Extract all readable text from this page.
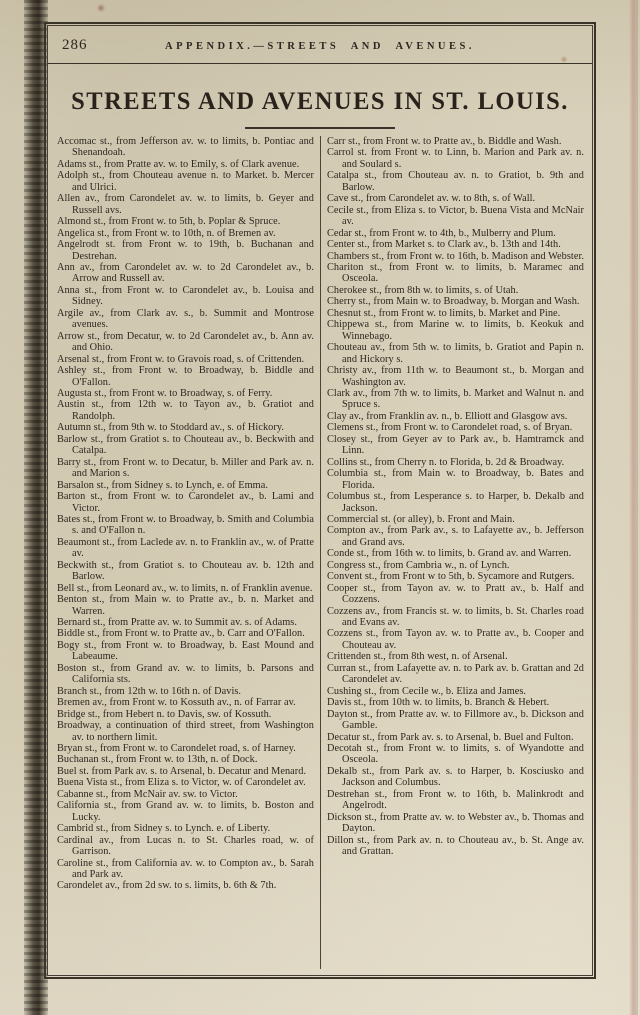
286	APPENDIX.—STREETS AND AVENUES.
STREETS AND AVENUES IN ST. LOUIS.

Accomac st., from Jefferson av. w. to limits, b. Pontiac and Shenandoah.

Adams st., from Pratte av. w. to Emily, s. of Clark avenue.

Adolph st., from Chouteau avenue n. to Market. b. Mercer and Ulrici.

Allen av., from Carondelet av. w. to limits, b. Geyer and Russell avs.

Almond st., from Front w. to 5th, b. Poplar & Spruce.

Angelica st., from Front w. to 10th, n. of Bremen av.

Angelrodt st. from Front w. to 19th, b. Buchanan and Destrehan.

Ann av., from Carondelet av. w. to 2d Carondelet av., b. Arrow and Russell av.

Anna st., from Front w. to Carondelet av., b. Louisa and Sidney.

Argile av., from Clark av. s., b. Summit and Montrose avenues.

Arrow st., from Decatur, w. to 2d Carondelet av., b. Ann av. and Ohio.

Arsenal st., from Front w. to Gravois road, s. of Crittenden.

Ashley st., from Front w. to Broadway, b. Biddle and O'Fallon.

Augusta st., from Front w. to Broadway, s. of Ferry.

Austin st., from 12th w. to Tayon av., b. Gratiot and Randolph.

Autumn st., from 9th w. to Stoddard av., s. of Hickory.

Barlow st., from Gratiot s. to Chouteau av., b. Beckwith and Catalpa.

Barry st., from Front w. to Decatur, b. Miller and Park av. n. and Marion s.

Barsalon st., from Sidney s. to Lynch, e. of Emma.

Barton st., from Front w. to Carondelet av., b. Lami and Victor.

Bates st., from Front w. to Broadway, b. Smith and Columbia s. and O'Fallon n.

Beaumont st., from Laclede av. n. to Franklin av., w. of Pratte av.

Beckwith st., from Gratiot s. to Chouteau av. b. 12th and Barlow.

Bell st., from Leonard av., w. to limits, n. of Franklin avenue.

Benton st., from Main w. to Pratte av., b. n. Market and Warren.

Bernard st., from Pratte av. w. to Summit av. s. of Adams.

Biddle st., from Front w. to Pratte av., b. Carr and O'Fallon.

Bogy st., from Front w. to Broadway, b. East Mound and Labeaume.

Boston st., from Grand av. w. to limits, b. Parsons and California sts.

Branch st., from 12th w. to 16th n. of Davis.

Bremen av., from Front w. to Kossuth av., n. of Farrar av.

Bridge st., from Hebert n. to Davis, sw. of Kossuth.

Broadway, a continuation of third street, from Washington av. to northern limit.

Bryan st., from Front w. to Carondelet road, s. of Harney.

Buchanan st., from Front w. to 13th, n. of Dock.

Buel st. from Park av. s. to Arsenal, b. Decatur and Menard.

Buena Vista st., from Eliza s. to Victor, w. of Carondelet av.

Cabanne st., from McNair av. sw. to Victor.

California st., from Grand av. w. to limits, b. Boston and Lucky.

Cambrid st., from Sidney s. to Lynch. e. of Liberty.

Cardinal av., from Lucas n. to St. Charles road, w. of Garrison.

Caroline st., from California av. w. to Compton av., b. Sarah and Park av.

Carondelet av., from 2d sw. to s. limits, b. 6th & 7th.

Carr st., from Front w. to Pratte av., b. Biddle and Wash.

Carrol st. from Front w. to Linn, b. Marion and Park av. n. and Soulard s.

Catalpa st., from Chouteau av. n. to Gratiot, b. 9th and Barlow.

Cave st., from Carondelet av. w. to 8th, s. of Wall.

Cecile st., from Eliza s. to Victor, b. Buena Vista and McNair av.

Cedar st., from Front w. to 4th, b., Mulberry and Plum.

Center st., from Market s. to Clark av., b. 13th and 14th.

Chambers st., from Front w. to 16th, b. Madison and Webster.

Chariton st., from Front w. to limits, b. Maramec and Osceola.

Cherokee st., from 8th w. to limits, s. of Utah.

Cherry st., from Main w. to Broadway, b. Morgan and Wash.

Chesnut st., from Front w. to limits, b. Market and Pine.

Chippewa st., from Marine w. to limits, b. Keokuk and Winnebago.

Chouteau av., from 5th w. to limits, b. Gratiot and Papin n. and Hickory s.

Christy av., from 11th w. to Beaumont st., b. Morgan and Washington av.

Clark av., from 7th w. to limits, b. Market and Walnut n. and Spruce s.

Clay av., from Franklin av. n., b. Elliott and Glasgow avs.

Clemens st., from Front w. to Carondelet road, s. of Bryan.

Closey st., from Geyer av to Park av., b. Hamtramck and Linn.

Collins st., from Cherry n. to Florida, b. 2d & Broadway.

Columbia st., from Main w. to Broadway, b. Bates and Florida.

Columbus st., from Lesperance s. to Harper, b. Dekalb and Jackson.

Commercial st. (or alley), b. Front and Main.

Compton av., from Park av., s. to Lafayette av., b. Jefferson and Grand avs.

Conde st., from 16th w. to limits, b. Grand av. and Warren.

Congress st., from Cambria w., n. of Lynch.

Convent st., from Front w to 5th, b. Sycamore and Rutgers.

Cooper st., from Tayon av. w. to Pratt av., b. Half and Cozzens.

Cozzens av., from Francis st. w. to limits, b. St. Charles road and Evans av.

Cozzens st., from Tayon av. w. to Pratte av., b. Cooper and Chouteau av.

Crittenden st., from 8th west, n. of Arsenal.

Curran st., from Lafayette av. n. to Park av. b. Grattan and 2d Carondelet av.

Cushing st., from Cecile w., b. Eliza and James.

Davis st., from 10th w. to limits, b. Branch & Hebert.

Dayton st., from Pratte av. w. to Fillmore av., b. Dickson and Gamble.

Decatur st., from Park av. s. to Arsenal, b. Buel and Fulton.

Decotah st., from Front w. to limits, s. of Wyandotte and Osceola.

Dekalb st., from Park av. s. to Harper, b. Kosciusko and Jackson and Columbus.

Destrehan st., from Front w. to 16th, b. Malinkrodt and Angelrodt.

Dickson st., from Pratte av. w. to Webster av., b. Thomas and Dayton.

Dillon st., from Park av. n. to Chouteau av., b. St. Ange av. and Grattan.
